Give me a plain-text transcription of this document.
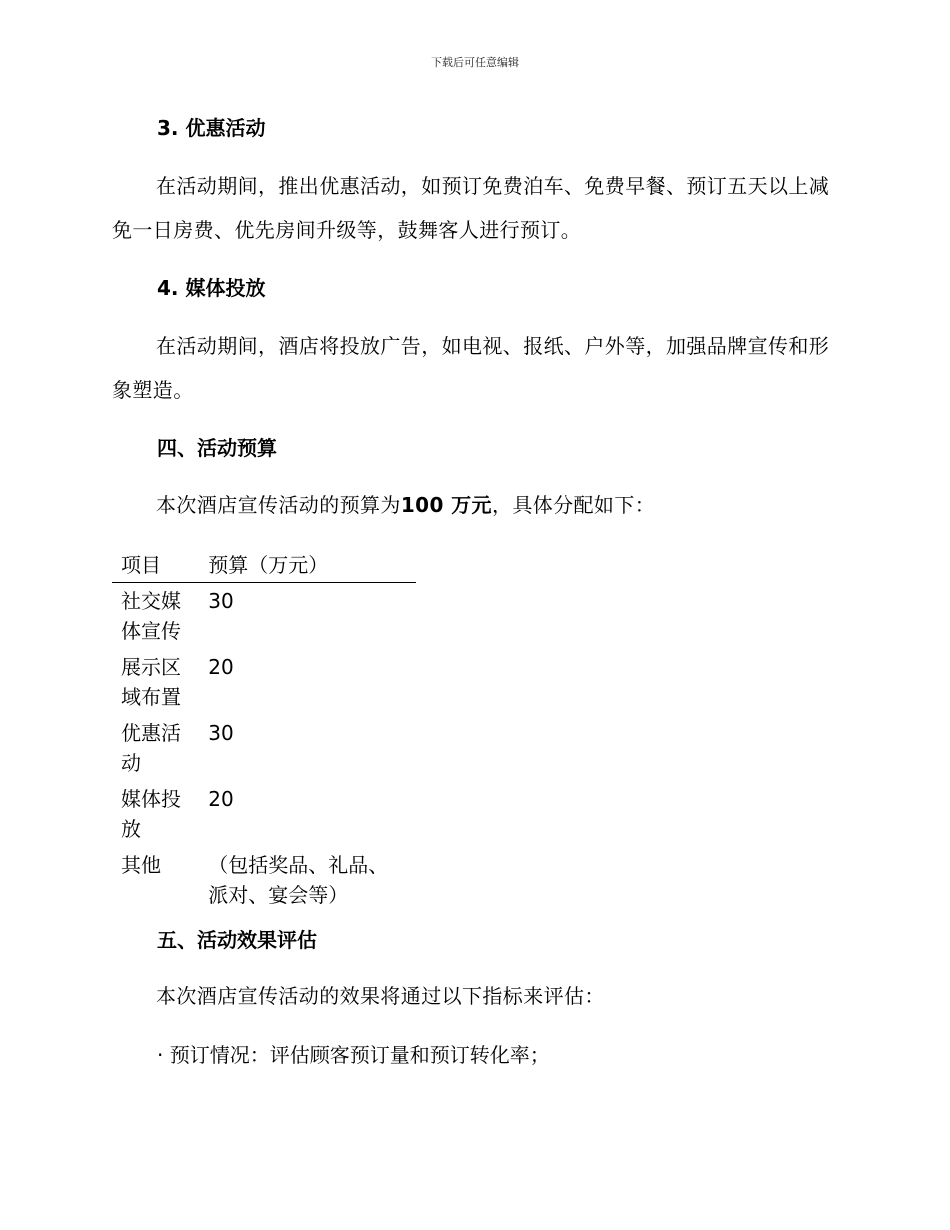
下载后可任意编辑
3. 优惠活动

在活动期间，推出优惠活动，如预订免费泊车、免费早餐、预订五天以上减免一日房费、优先房间升级等，鼓舞客人进行预订。

4. 媒体投放

在活动期间，酒店将投放广告，如电视、报纸、户外等，加强品牌宣传和形象塑造。

四、活动预算

本次酒店宣传活动的预算为100 万元，具体分配如下：

项目	预算（万元）
社交媒体宣传	30
展示区域布置	20
优惠活动	30
媒体投放	20
其他	（包括奖品、礼品、派对、宴会等）
五、活动效果评估

本次酒店宣传活动的效果将通过以下指标来评估：

· 预订情况：评估顾客预订量和预订转化率；
